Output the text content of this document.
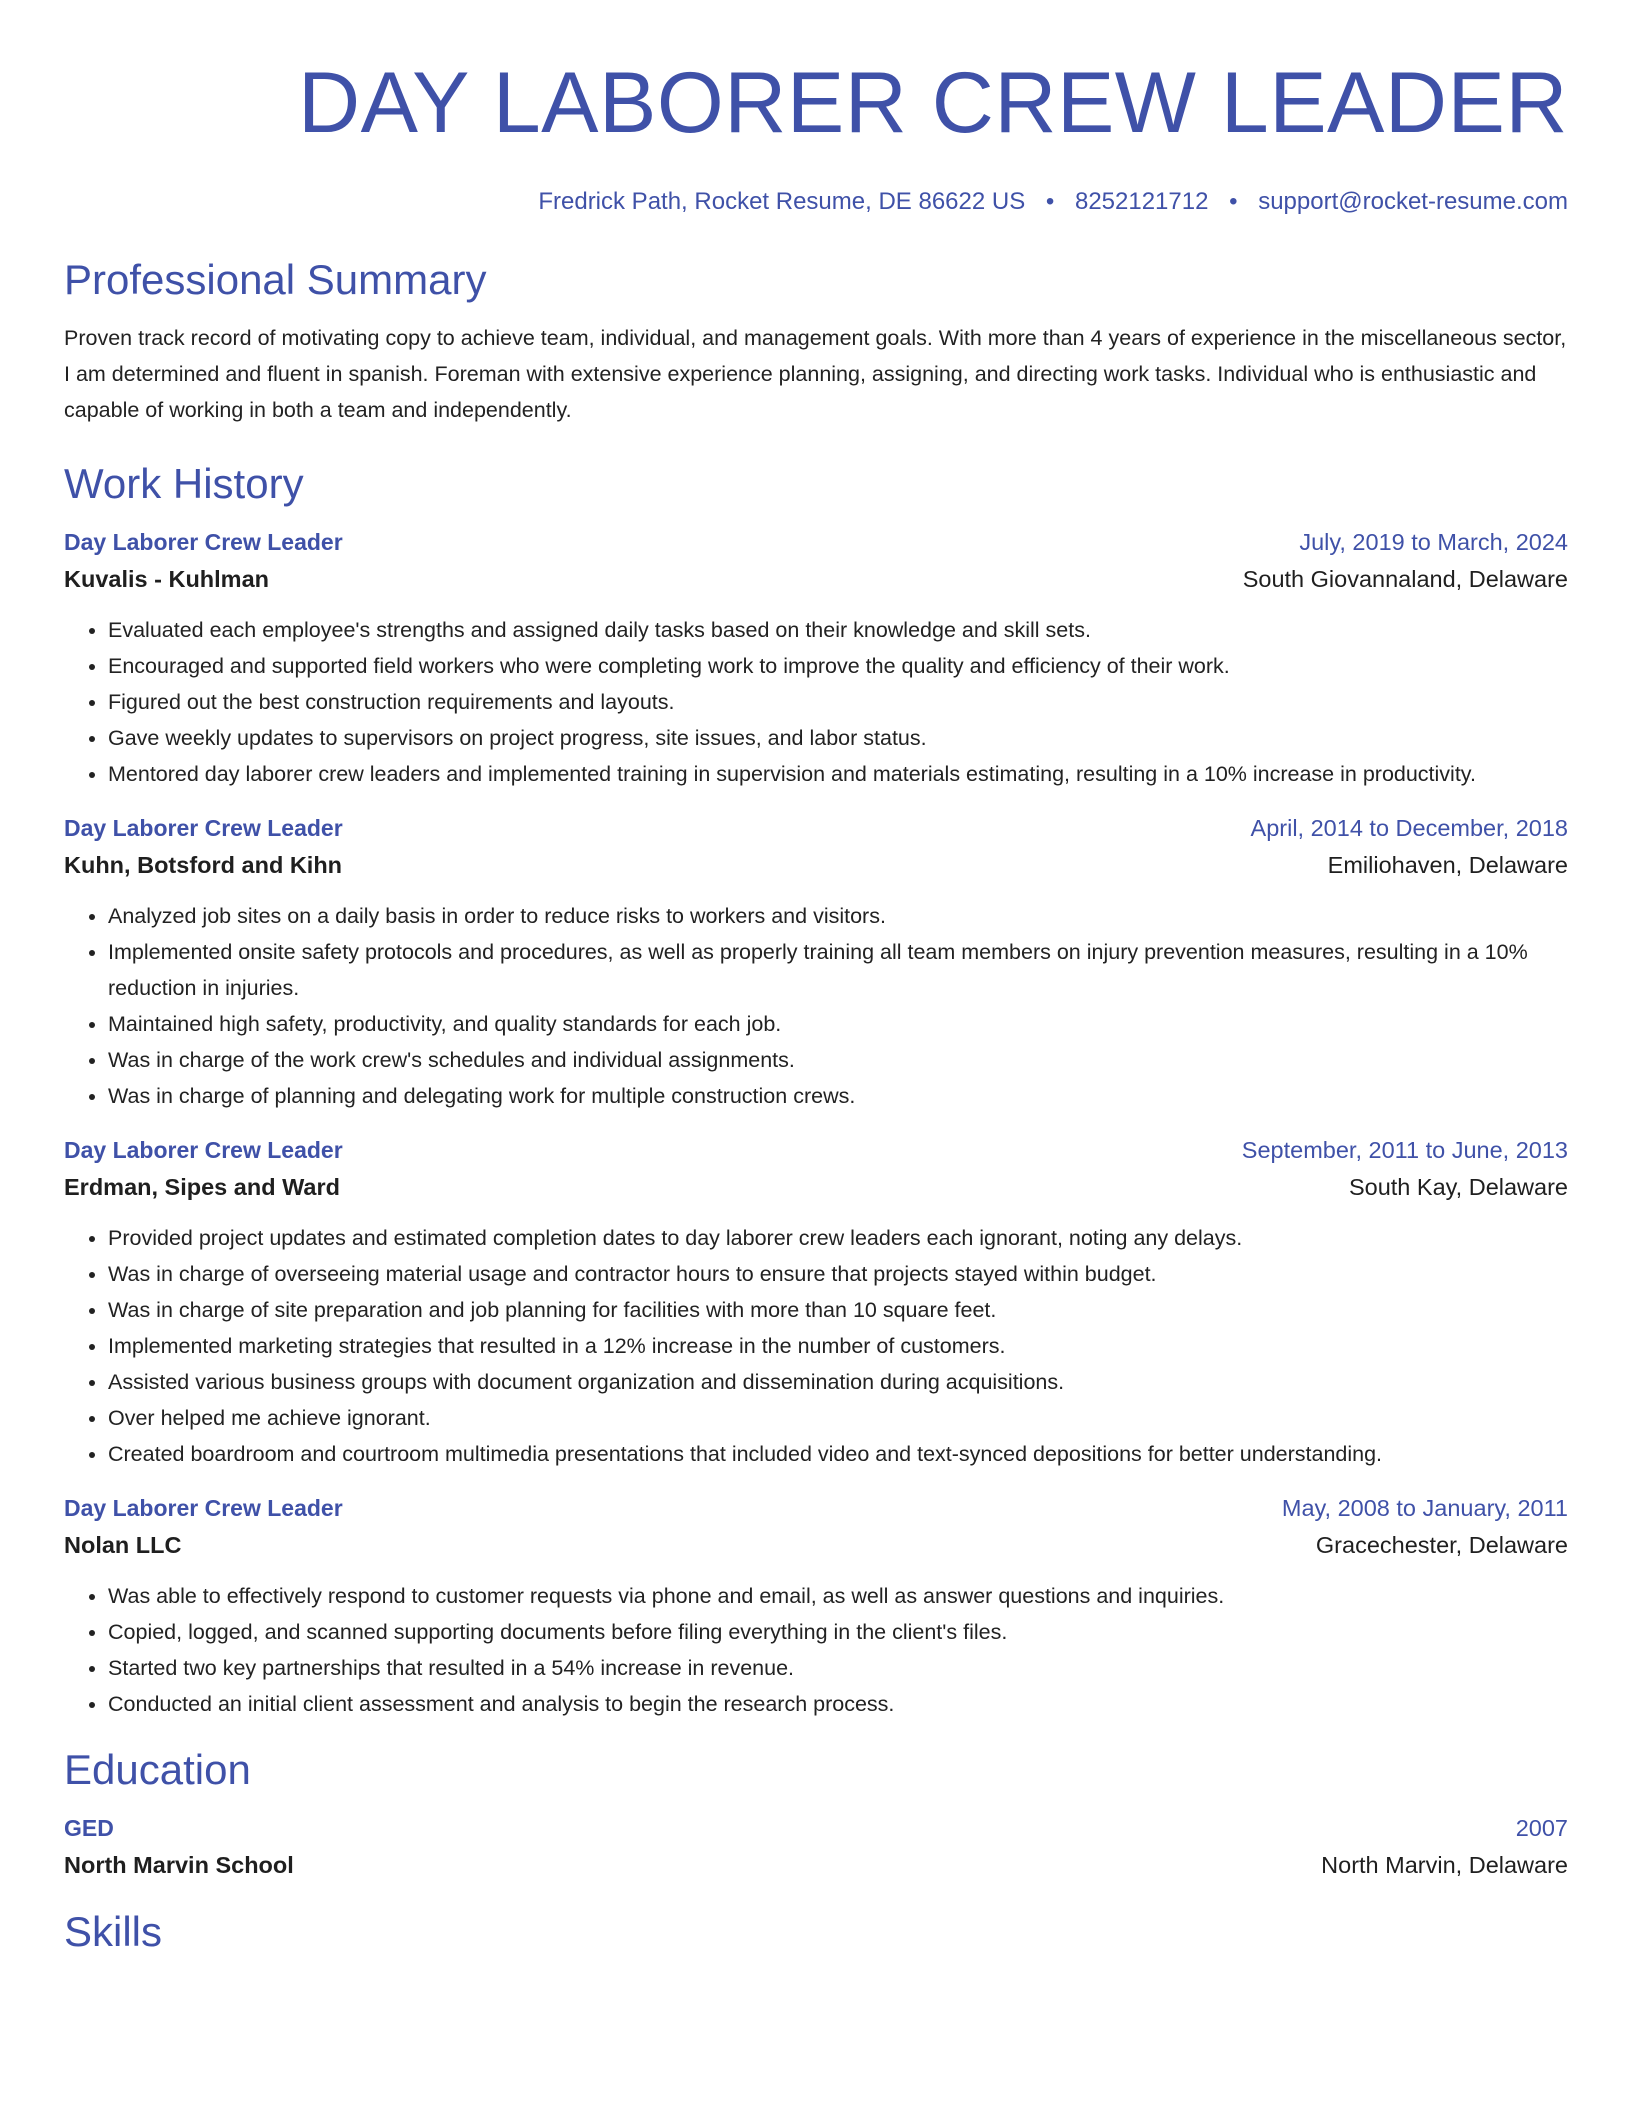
DAY LABORER CREW LEADER
Fredrick Path, Rocket Resume, DE 86622 US • 8252121712 • support@rocket-resume.com
Professional Summary

Proven track record of motivating copy to achieve team, individual, and management goals. With more than 4 years of experience in the miscellaneous sector, I am determined and fluent in spanish. Foreman with extensive experience planning, assigning, and directing work tasks. Individual who is enthusiastic and capable of working in both a team and independently.

Work History
Day Laborer Crew Leader	July, 2019 to March, 2024
Kuvalis - Kuhlman	South Giovannaland, Delaware
• Evaluated each employee's strengths and assigned daily tasks based on their knowledge and skill sets.
• Encouraged and supported field workers who were completing work to improve the quality and efficiency of their work.
• Figured out the best construction requirements and layouts.
• Gave weekly updates to supervisors on project progress, site issues, and labor status.
• Mentored day laborer crew leaders and implemented training in supervision and materials estimating, resulting in a 10% increase in productivity.
Day Laborer Crew Leader	April, 2014 to December, 2018
Kuhn, Botsford and Kihn	Emiliohaven, Delaware
• Analyzed job sites on a daily basis in order to reduce risks to workers and visitors.
• Implemented onsite safety protocols and procedures, as well as properly training all team members on injury prevention measures, resulting in a 10% reduction in injuries.
• Maintained high safety, productivity, and quality standards for each job.
• Was in charge of the work crew's schedules and individual assignments.
• Was in charge of planning and delegating work for multiple construction crews.
Day Laborer Crew Leader	September, 2011 to June, 2013
Erdman, Sipes and Ward	South Kay, Delaware
• Provided project updates and estimated completion dates to day laborer crew leaders each ignorant, noting any delays.
• Was in charge of overseeing material usage and contractor hours to ensure that projects stayed within budget.
• Was in charge of site preparation and job planning for facilities with more than 10 square feet.
• Implemented marketing strategies that resulted in a 12% increase in the number of customers.
• Assisted various business groups with document organization and dissemination during acquisitions.
• Over helped me achieve ignorant.
• Created boardroom and courtroom multimedia presentations that included video and text-synced depositions for better understanding.
Day Laborer Crew Leader	May, 2008 to January, 2011
Nolan LLC	Gracechester, Delaware
• Was able to effectively respond to customer requests via phone and email, as well as answer questions and inquiries.
• Copied, logged, and scanned supporting documents before filing everything in the client's files.
• Started two key partnerships that resulted in a 54% increase in revenue.
• Conducted an initial client assessment and analysis to begin the research process.
Education
GED	2007
North Marvin School	North Marvin, Delaware
Skills
